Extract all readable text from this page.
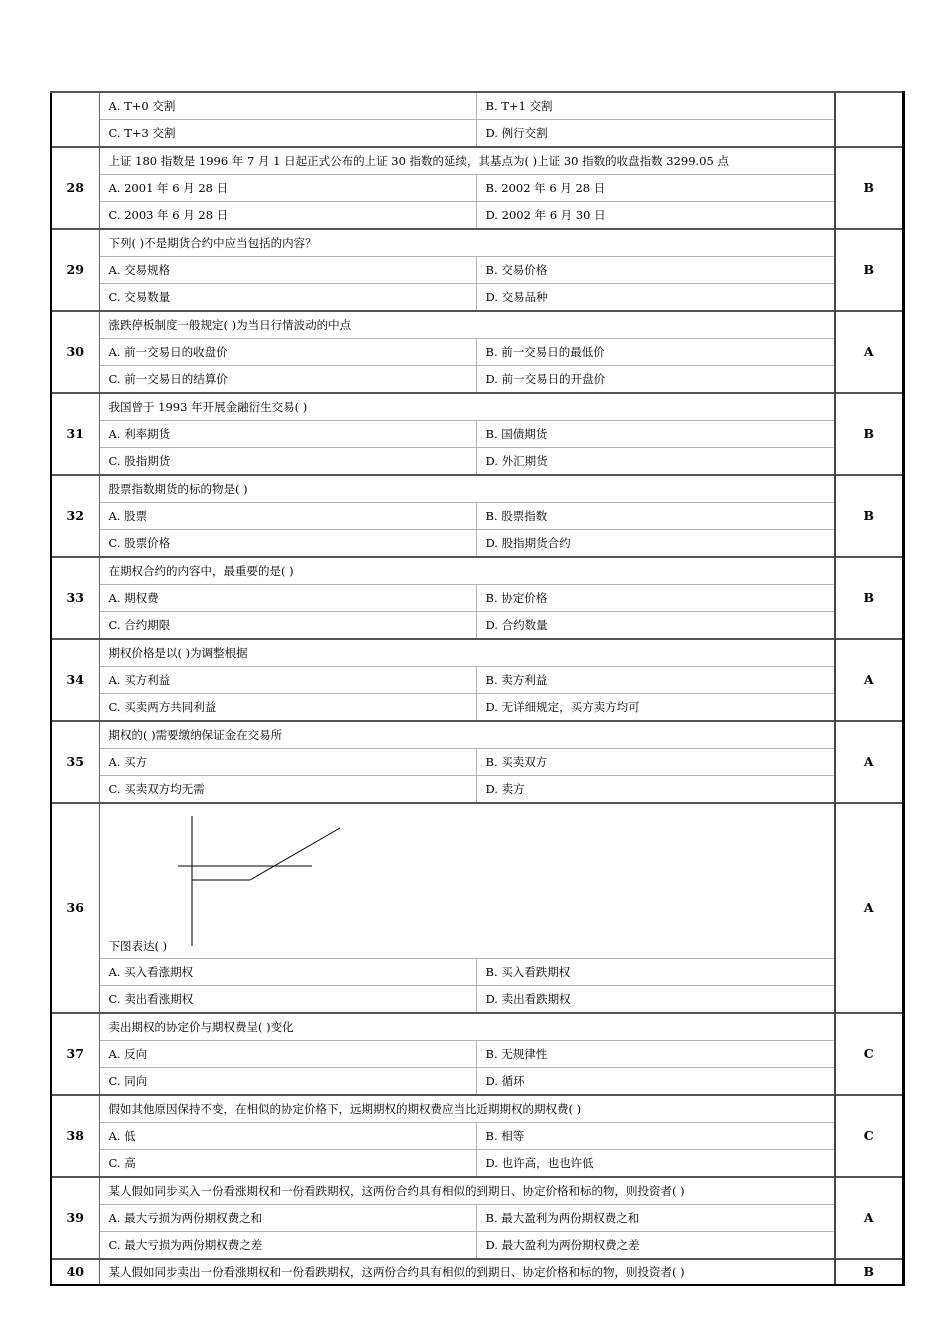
	A. T+0 交割	B. T+1 交割	
	C. T+3 交割	D. 例行交割	
28	上证 180 指数是 1996 年 7 月 1 日起正式公布的上证 30 指数的延续，其基点为( )上证 30 指数的收盘指数 3299.05 点		B
	A. 2001 年 6 月 28 日	B. 2002 年 6 月 28 日	
	C. 2003 年 6 月 28 日	D. 2002 年 6 月 30 日	
29	下列( )不是期货合约中应当包括的内容？		B
	A. 交易规格	B. 交易价格	
	C. 交易数量	D. 交易品种	
30	涨跌停板制度一般规定( )为当日行情波动的中点		A
	A. 前一交易日的收盘价	B. 前一交易日的最低价	
	C. 前一交易日的结算价	D. 前一交易日的开盘价	
31	我国曾于 1993 年开展金融衍生交易( )		B
	A. 利率期货	B. 国债期货	
	C. 股指期货	D. 外汇期货	
32	股票指数期货的标的物是( )		B
	A. 股票	B. 股票指数	
	C. 股票价格	D. 股指期货合约	
33	在期权合约的内容中，最重要的是( )		B
	A. 期权费	B. 协定价格	
	C. 合约期限	D. 合约数量	
34	期权价格是以( )为调整根据		A
	A. 买方利益	B. 卖方利益	
	C. 买卖两方共同利益	D. 无详细规定，买方卖方均可	
35	期权的( )需要缴纳保证金在交易所		A
	A. 买方	B. 买卖双方	
	C. 买卖双方均无需	D. 卖方	
36	下图表达( )		A
	A. 买入看涨期权	B. 买入看跌期权	
	C. 卖出看涨期权	D. 卖出看跌期权	
37	卖出期权的协定价与期权费呈( )变化		C
	A. 反向	B. 无规律性	
	C. 同向	D. 循环	
38	假如其他原因保持不变，在相似的协定价格下，远期期权的期权费应当比近期期权的期权费( )		C
	A. 低	B. 相等	
	C. 高	D. 也许高，也也许低	
39	某人假如同步买入一份看涨期权和一份看跌期权，这两份合约具有相似的到期日、协定价格和标的物，则投资者( )		A
	A. 最大亏损为两份期权费之和	B. 最大盈利为两份期权费之和	
	C. 最大亏损为两份期权费之差	D. 最大盈利为两份期权费之差	
40	某人假如同步卖出一份看涨期权和一份看跌期权，这两份合约具有相似的到期日、协定价格和标的物，则投资者( )		B
